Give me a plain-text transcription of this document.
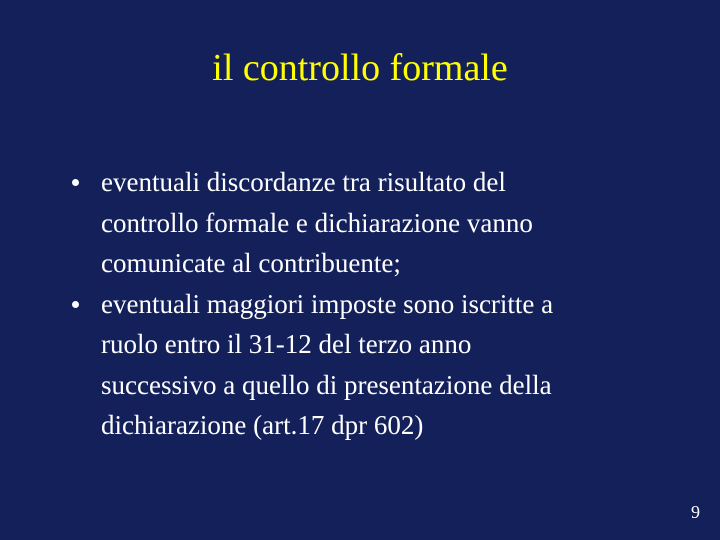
il controllo formale
eventuali discordanze tra risultato del
controllo formale e dichiarazione vanno
comunicate al contribuente;
eventuali maggiori imposte sono iscritte a
ruolo entro il 31-12 del terzo anno
successivo a quello di presentazione della
dichiarazione (art.17 dpr 602)
9
